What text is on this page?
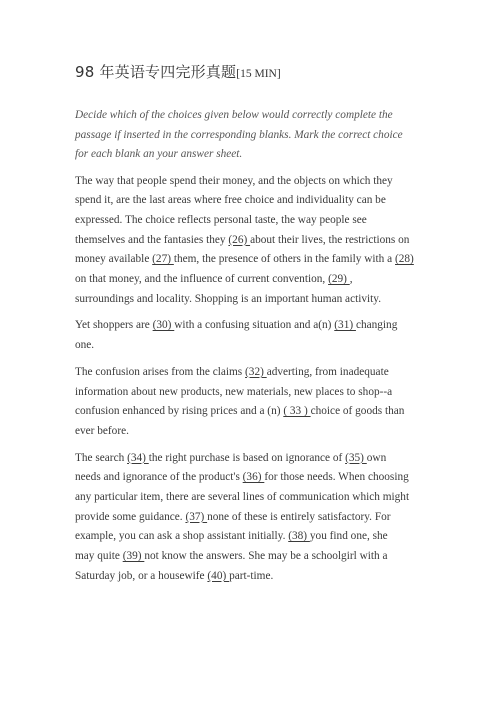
98 年英语专四完形真题[15 MIN]
Decide which of the choices given below would correctly complete the
passage if inserted in the corresponding blanks. Mark the correct choice
for each blank an your answer sheet.
The way that people spend their money, and the objects on which they
spend it, are the last areas where free choice and individuality can be
expressed. The choice reflects personal taste, the way people see
themselves and the fantasies they (26) about their lives, the restrictions on
money available (27) them, the presence of others in the family with a (28)
on that money, and the influence of current convention, (29) ,
surroundings and locality. Shopping is an important human activity.
Yet shoppers are (30) with a confusing situation and a(n) (31) changing
one.
The confusion arises from the claims (32) adverting, from inadequate
information about new products, new materials, new places to shop--a
confusion enhanced by rising prices and a (n) ( 33 ) choice of goods than
ever before.
The search (34) the right purchase is based on ignorance of (35) own
needs and ignorance of the product's (36) for those needs. When choosing
any particular item, there are several lines of communication which might
provide some guidance. (37) none of these is entirely satisfactory. For
example, you can ask a shop assistant initially. (38) you find one, she
may quite (39) not know the answers. She may be a schoolgirl with a
Saturday job, or a housewife (40) part-time.
